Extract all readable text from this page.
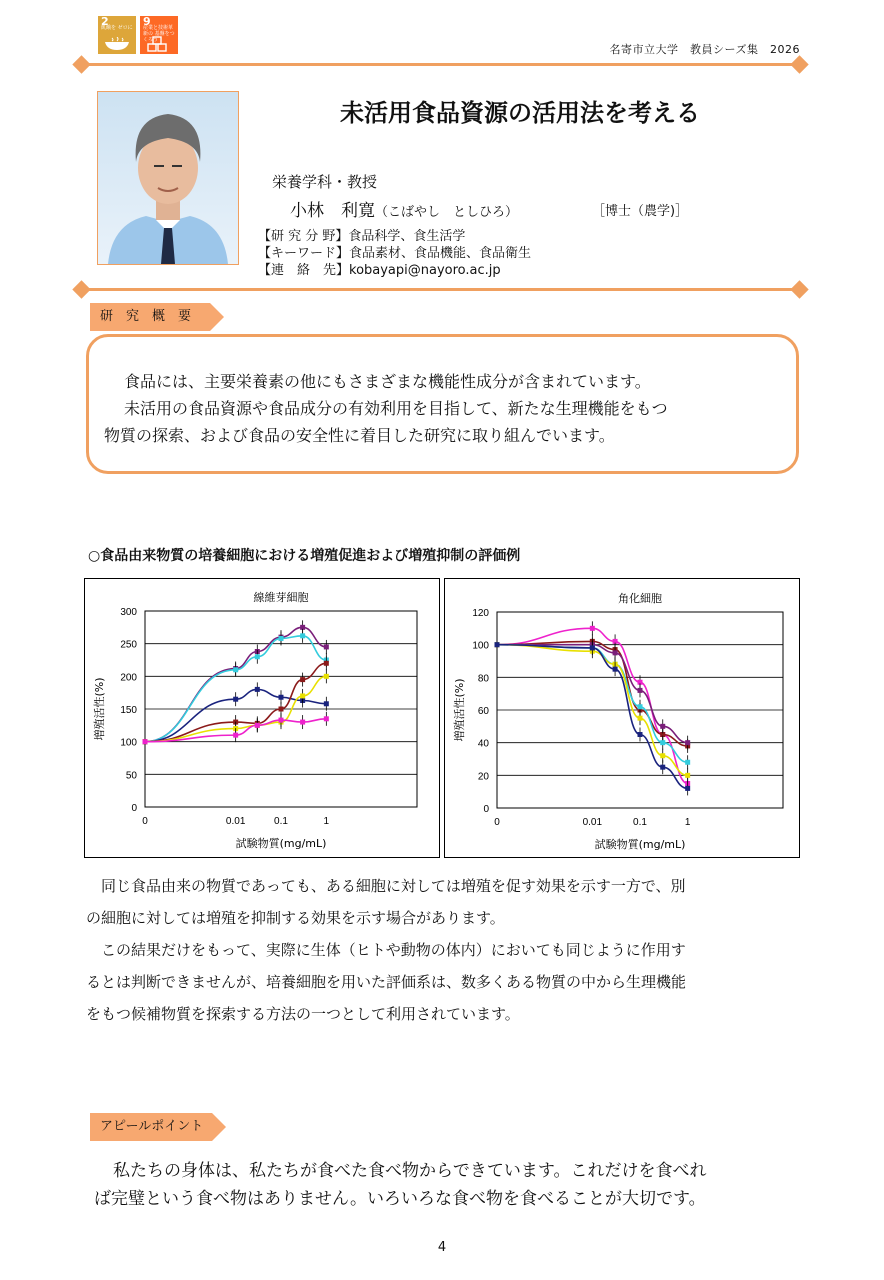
2
飢餓を ゼロに 9
産業と技術革新の 基盤をつくろう
名寄市立大学　教員シーズ集　2026
未活用食品資源の活用法を考える
栄養学科・教授
小林　利寛（こばやし　としひろ）	［博士（農学)］
【研 究 分 野】食品科学、食生活学
【キーワード】食品素材、食品機能、食品衛生
【連　絡　先】kobayapi@nayoro.ac.jp
研　究　概　要
食品には、主要栄養素の他にもさまざまな機能性成分が含まれています。
未活用の食品資源や食品成分の有効利用を目指して、新たな生理機能をもつ
物質の探索、および食品の安全性に着目した研究に取り組んでいます。
○食品由来物質の培養細胞における増殖促進および増殖抑制の評価例
0
50
100
150
200
250
300
0	0.01	0.1	1
線維芽細胞
試験物質(mg/mL)
増殖活性(%)
0
20
40
60
80
100
120
0	0.01	0.1	1
角化細胞
試験物質(mg/mL)
増殖活性(%)
同じ食品由来の物質であっても、ある細胞に対しては増殖を促す効果を示す一方で、別
の細胞に対しては増殖を抑制する効果を示す場合があります。
この結果だけをもって、実際に生体（ヒトや動物の体内）においても同じように作用す
るとは判断できませんが、培養細胞を用いた評価系は、数多くある物質の中から生理機能
をもつ候補物質を探索する方法の一つとして利用されています。
アピールポイント
私たちの身体は、私たちが食べた食べ物からできています。これだけを食べれ
ば完璧という食べ物はありません。いろいろな食べ物を食べることが大切です。
4
